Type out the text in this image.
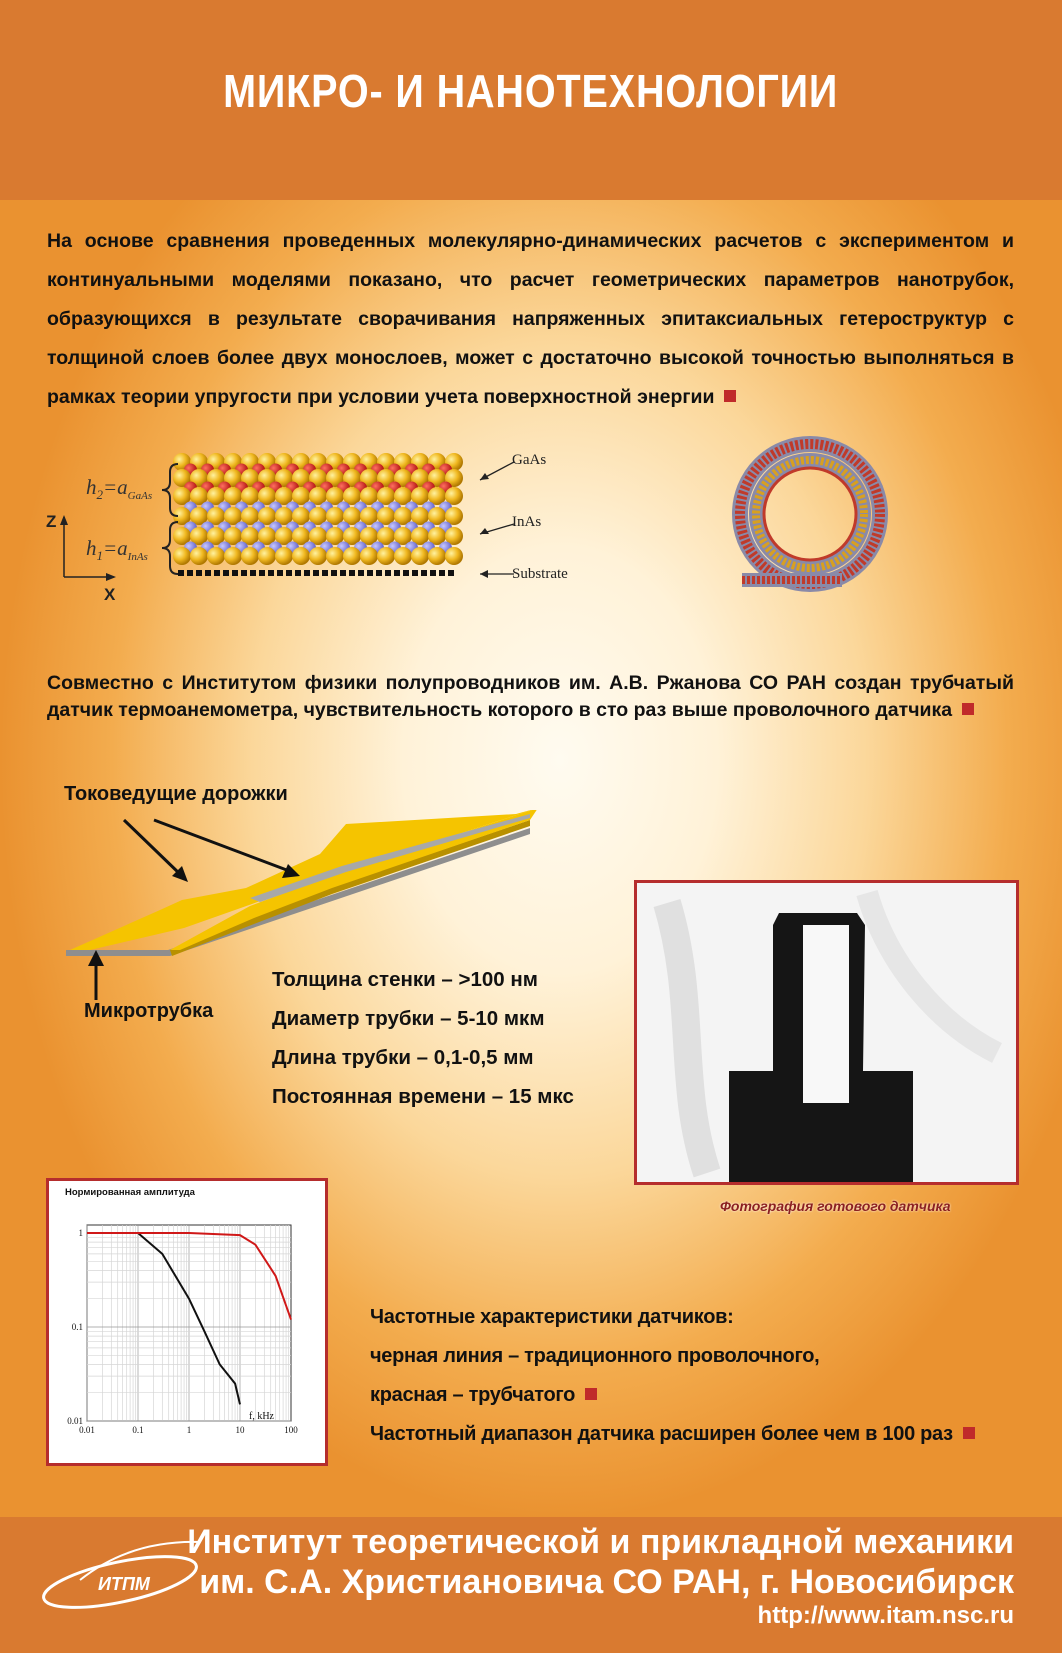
МИКРО- И НАНОТЕХНОЛОГИИ
На основе сравнения проведенных молекулярно-динамических расчетов с экспериментом и
континуальными моделями показано, что расчет геометрических параметров нанотрубок,
образующихся в результате сворачивания напряженных эпитаксиальных гетероструктур с
толщиной слоев более двух монослоев, может с достаточно высокой точностью выполняться в
рамках теории упругости при условии учета поверхностной энергии
$h_2=a_{GaAs}$
$h_1=a_{InAs}$
Z
X
GaAs
InAs
Substrate
Совместно с Институтом физики полупроводников им. А.В. Ржанова СО РАН создан трубчатый
датчик термоанемометра, чувствительность которого в сто раз выше проволочного датчика
Токоведущие дорожки
Микротрубка
Толщина стенки – >100 нм
Диаметр трубки – 5-10 мкм
Длина трубки – 0,1-0,5 мм
Постоянная времени – 15 мкс
Фотография готового датчика
Нормированная амплитуда
0.01	0.1	1	10	100
1
0.1
0.01	f, kHz
Частотные характеристики датчиков:
черная линия – традиционного проволочного,
красная – трубчатого
Частотный диапазон датчика расширен более чем в 100 раз
ИТПМ
Институт теоретической и прикладной механики
им. С.А. Христиановича СО РАН, г. Новосибирск
http://www.itam.nsc.ru
